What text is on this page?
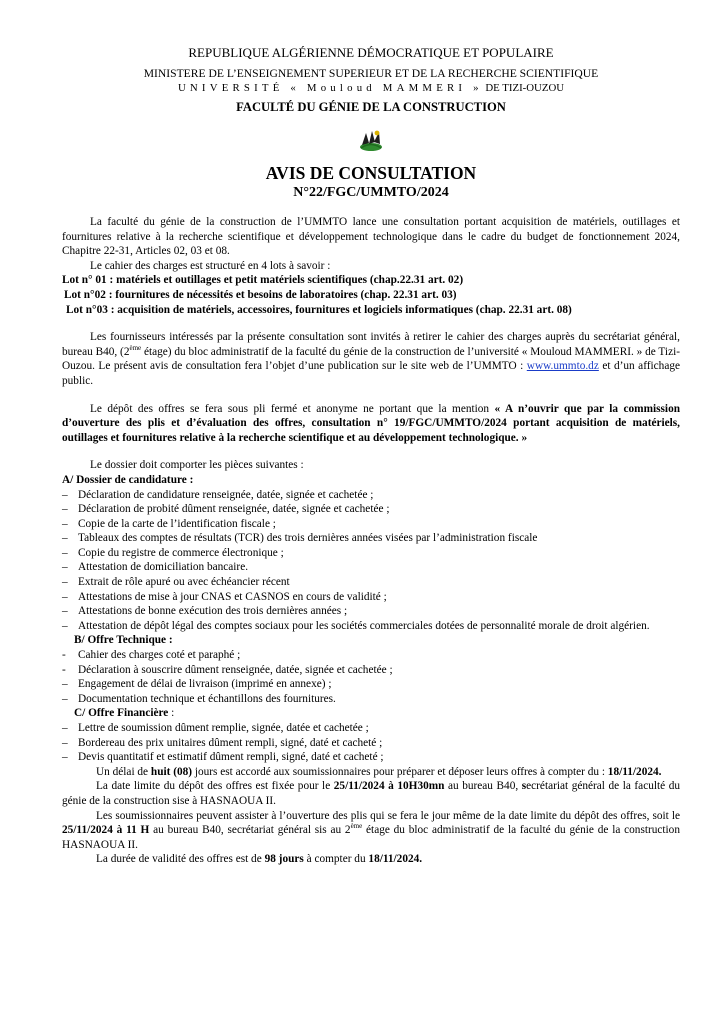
REPUBLIQUE ALGÉRIENNE DÉMOCRATIQUE ET POPULAIRE
MINISTERE DE L’ENSEIGNEMENT SUPERIEUR ET DE LA RECHERCHE SCIENTIFIQUE
UNIVERSITÉ « Mouloud MAMMERI » DE TIZI-OUZOU
FACULTÉ DU GÉNIE DE LA CONSTRUCTION
AVIS DE CONSULTATION
N°22/FGC/UMMTO/2024

La faculté du génie de la construction de l’UMMTO lance une consultation portant acquisition de matériels, outillages et fournitures relative à la recherche scientifique et développement technologique dans le cadre du budget de fonctionnement 2024, Chapitre 22-31, Articles 02, 03 et 08.

Le cahier des charges est structuré en 4 lots à savoir :

Lot n° 01 : matériels et outillages et petit matériels scientifiques (chap.22.31 art. 02)
Lot n°02 : fournitures de nécessités et besoins de laboratoires (chap. 22.31 art. 03)
Lot n°03 : acquisition de matériels, accessoires, fournitures et logiciels informatiques (chap. 22.31 art. 08)

Les fournisseurs intéressés par la présente consultation sont invités à retirer le cahier des charges auprès du secrétariat général, bureau B40, (2ème étage) du bloc administratif de la faculté du génie de la construction de l’université « Mouloud MAMMERI. » de Tizi-Ouzou. Le présent avis de consultation fera l’objet d’une publication sur le site web de l’UMMTO : www.ummto.dz et d’un affichage public.

Le dépôt des offres se fera sous pli fermé et anonyme ne portant que la mention « A n’ouvrir que par la commission d’ouverture des plis et d’évaluation des offres, consultation n° 19/FGC/UMMTO/2024 portant acquisition de matériels, outillages et fournitures relative à la recherche scientifique et au développement technologique. »

Le dossier doit comporter les pièces suivantes :

A/ Dossier de candidature :
– Déclaration de candidature renseignée, datée, signée et cachetée ;
– Déclaration de probité dûment renseignée, datée, signée et cachetée ;
– Copie de la carte de l’identification fiscale ;
– Tableaux des comptes de résultats (TCR) des trois dernières années visées par l’administration fiscale
– Copie du registre de commerce électronique ;
– Attestation de domiciliation bancaire.
– Extrait de rôle apuré ou avec échéancier récent
– Attestations de mise à jour CNAS et CASNOS en cours de validité ;
– Attestations de bonne exécution des trois dernières années ;
– Attestation de dépôt légal des comptes sociaux pour les sociétés commerciales dotées de personnalité morale de droit algérien.
B/ Offre Technique :
- Cahier des charges coté et paraphé ;
- Déclaration à souscrire dûment renseignée, datée, signée et cachetée ;
– Engagement de délai de livraison (imprimé en annexe) ;
– Documentation technique et échantillons des fournitures.
C/ Offre Financière :
– Lettre de soumission dûment remplie, signée, datée et cachetée ;
– Bordereau des prix unitaires dûment rempli, signé, daté et cacheté ;
– Devis quantitatif et estimatif dûment rempli, signé, daté et cacheté ;

Un délai de huit (08) jours est accordé aux soumissionnaires pour préparer et déposer leurs offres à compter du : 18/11/2024.

La date limite du dépôt des offres est fixée pour le 25/11/2024 à 10H30mn au bureau B40, secrétariat général de la faculté du génie de la construction sise à HASNAOUA II.

Les soumissionnaires peuvent assister à l’ouverture des plis qui se fera le jour même de la date limite du dépôt des offres, soit le 25/11/2024 à 11 H au bureau B40, secrétariat général sis au 2ème étage du bloc administratif de la faculté du génie de la construction HASNAOUA II.

La durée de validité des offres est de 98 jours à compter du 18/11/2024.
